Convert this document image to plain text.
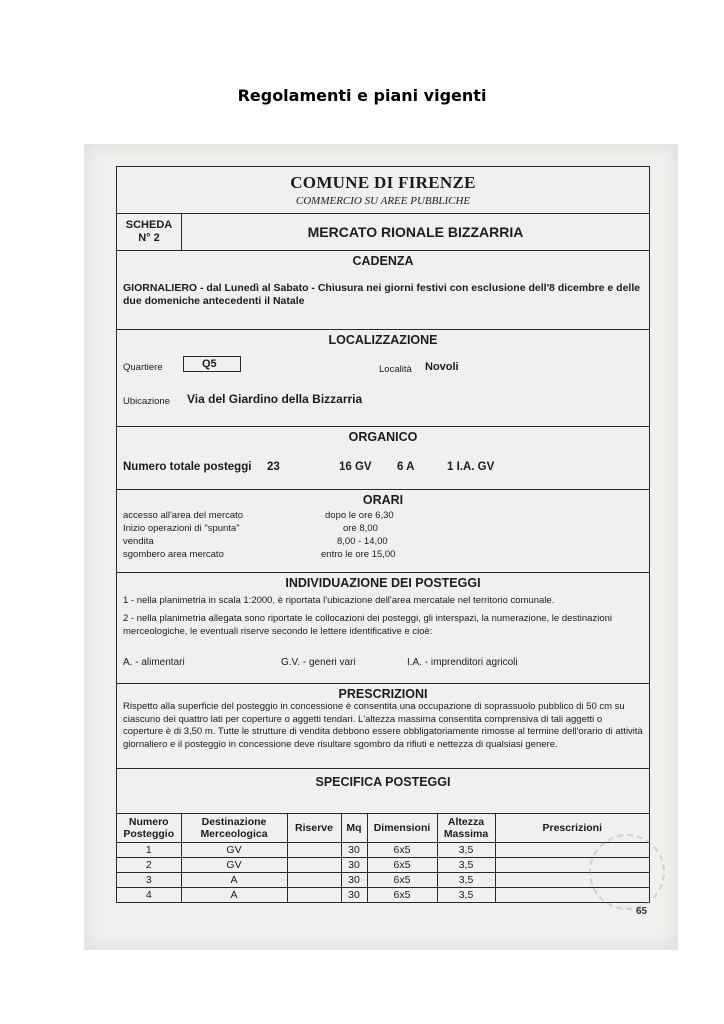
Regolamenti e piani vigenti
COMUNE DI FIRENZE
COMMERCIO SU AREE PUBBLICHE
SCHEDA
N° 2	MERCATO RIONALE BIZZARRIA
CADENZA
GIORNALIERO - dal Lunedì al Sabato - Chiusura nei giorni festivi con esclusione dell'8 dicembre e delle due domeniche antecedenti il Natale
LOCALIZZAZIONE
Quartiere	Q5	Località Novoli
Ubicazione Via del Giardino della Bizzarria
ORGANICO
Numero totale posteggi 23	16 GV 6 A	1 I.A. GV
ORARI
accesso all'area del mercato	dopo le ore 6,30
Inizio operazioni di "spunta"	ore 8,00
vendita	8,00 - 14,00
sgombero area mercato	entro le ore 15,00
INDIVIDUAZIONE DEI POSTEGGI
1 - nella planimetria in scala 1:2000, è riportata l'ubicazione dell'area mercatale nel territorio comunale.
2 - nella planimetria allegata sono riportate le collocazioni dei posteggi, gli interspazi, la numerazione, le destinazioni merceologiche, le eventuali riserve secondo le lettere identificative e cioè:
A. - alimentari	G.V. - generi vari	I.A. - imprenditori agricoli
PRESCRIZIONI
Rispetto alla superficie del posteggio in concessione è consentita una occupazione di soprassuolo pubblico di 50 cm su ciascuno dei quattro lati per coperture o aggetti tendari. L'altezza massima consentita comprensiva di tali aggetti o coperture è di 3,50 m. Tutte le strutture di vendita debbono essere obbligatoriamente rimosse al termine dell'orario di attività giornaliero e il posteggio in concessione deve risultare sgombro da rifiuti e nettezza di qualsiasi genere.
SPECIFICA POSTEGGI
Numero Posteggio	Destinazione Merceologica	Riserve	Mq	Dimensioni	Altezza Massima	Prescrizioni
1	GV		30	6x5	3,5	
2	GV		30	6x5	3,5	
3	A		30	6x5	3,5	
4	A		30	6x5	3,5	
65
